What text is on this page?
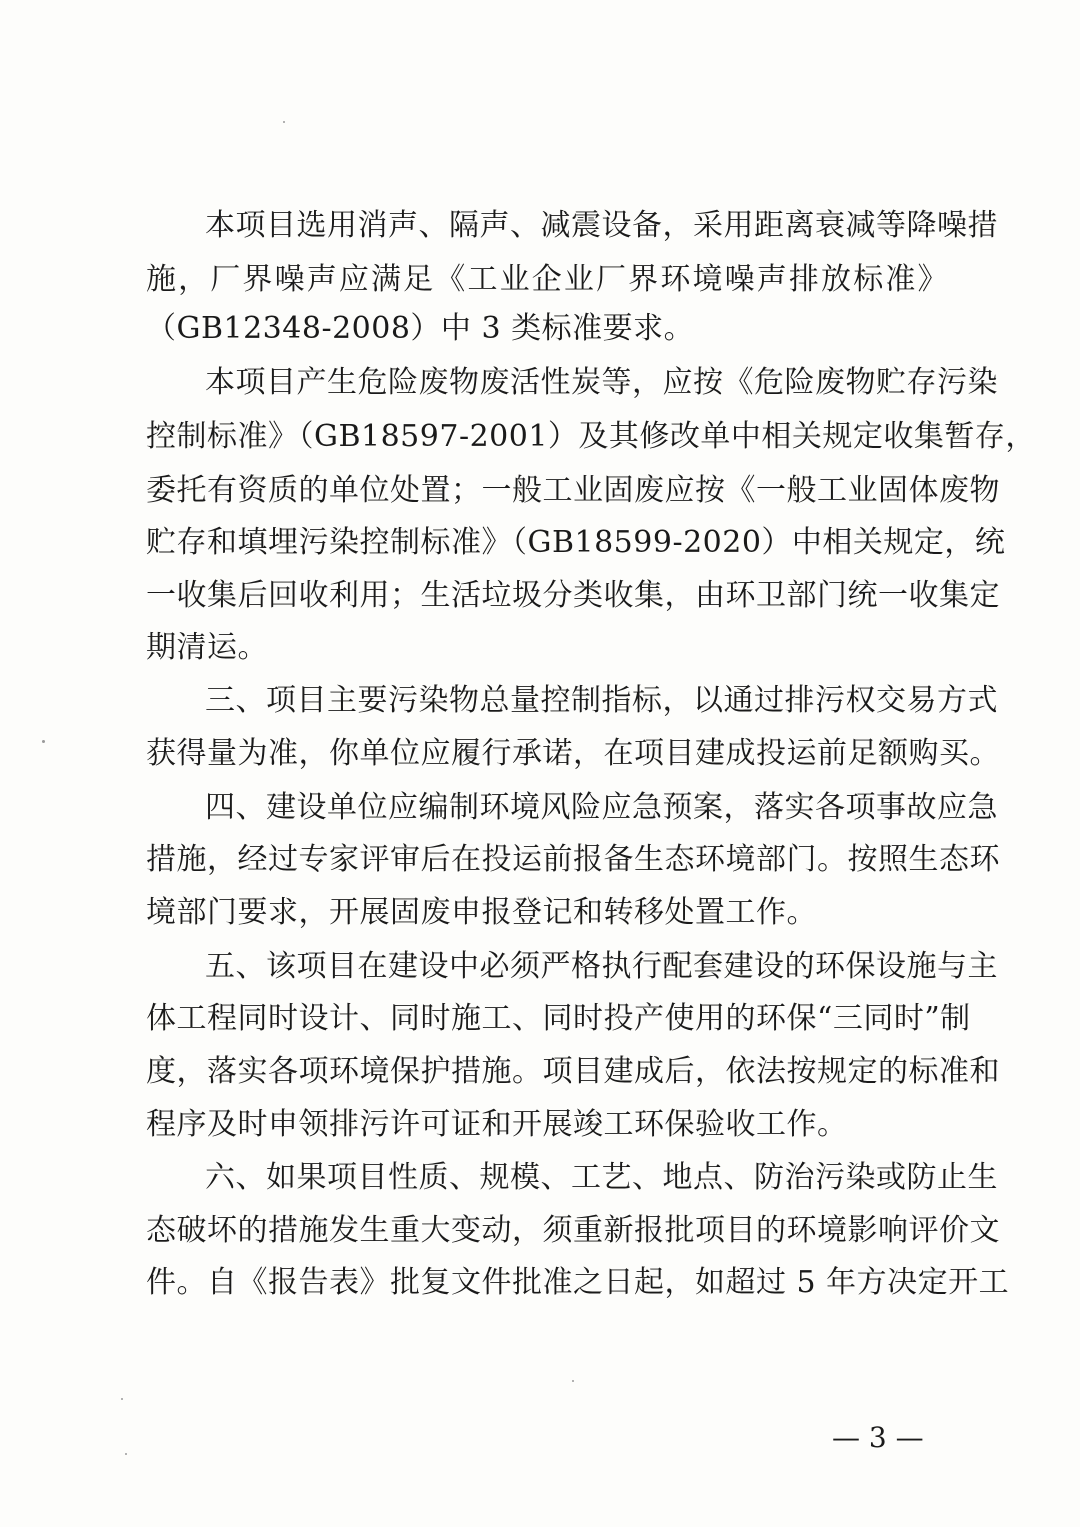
本项目选用消声、隔声、减震设备，采用距离衰减等降噪措
施，厂界噪声应满足《工业企业厂界环境噪声排放标准》
（GB12348-2008）中 3 类标准要求。
本项目产生危险废物废活性炭等，应按《危险废物贮存污染
控制标准》（GB18597-2001）及其修改单中相关规定收集暂存，
委托有资质的单位处置；一般工业固废应按《一般工业固体废物
贮存和填埋污染控制标准》（GB18599-2020）中相关规定，统
一收集后回收利用；生活垃圾分类收集，由环卫部门统一收集定
期清运。
三、项目主要污染物总量控制指标，以通过排污权交易方式
获得量为准，你单位应履行承诺，在项目建成投运前足额购买。
四、建设单位应编制环境风险应急预案，落实各项事故应急
措施，经过专家评审后在投运前报备生态环境部门。按照生态环
境部门要求，开展固废申报登记和转移处置工作。
五、该项目在建设中必须严格执行配套建设的环保设施与主
体工程同时设计、同时施工、同时投产使用的环保“三同时”制
度，落实各项环境保护措施。项目建成后，依法按规定的标准和
程序及时申领排污许可证和开展竣工环保验收工作。
六、如果项目性质、规模、工艺、地点、防治污染或防止生
态破坏的措施发生重大变动，须重新报批项目的环境影响评价文
件。自《报告表》批复文件批准之日起，如超过 5 年方决定开工
— 3 —
